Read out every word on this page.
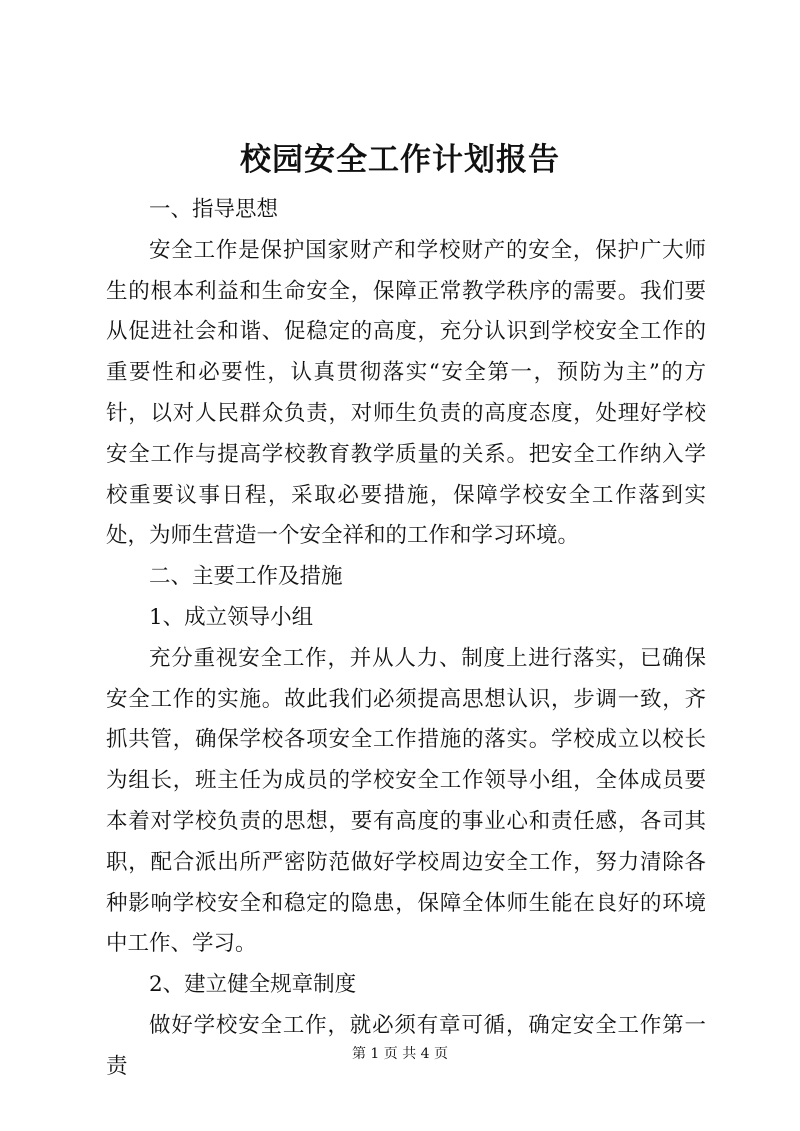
校园安全工作计划报告

一、指导思想

安全工作是保护国家财产和学校财产的安全，保护广大师生的根本利益和生命安全，保障正常教学秩序的需要。我们要从促进社会和谐、促稳定的高度，充分认识到学校安全工作的重要性和必要性，认真贯彻落实“安全第一，预防为主”的方针，以对人民群众负责，对师生负责的高度态度，处理好学校安全工作与提高学校教育教学质量的关系。把安全工作纳入学校重要议事日程，采取必要措施，保障学校安全工作落到实处，为师生营造一个安全祥和的工作和学习环境。

二、主要工作及措施

1、成立领导小组

充分重视安全工作，并从人力、制度上进行落实，已确保安全工作的实施。故此我们必须提高思想认识，步调一致，齐抓共管，确保学校各项安全工作措施的落实。学校成立以校长为组长，班主任为成员的学校安全工作领导小组，全体成员要本着对学校负责的思想，要有高度的事业心和责任感，各司其职，配合派出所严密防范做好学校周边安全工作，努力清除各种影响学校安全和稳定的隐患，保障全体师生能在良好的环境中工作、学习。

2、建立健全规章制度

做好学校安全工作，就必须有章可循，确定安全工作第一责	第 1 页 共 4 页
